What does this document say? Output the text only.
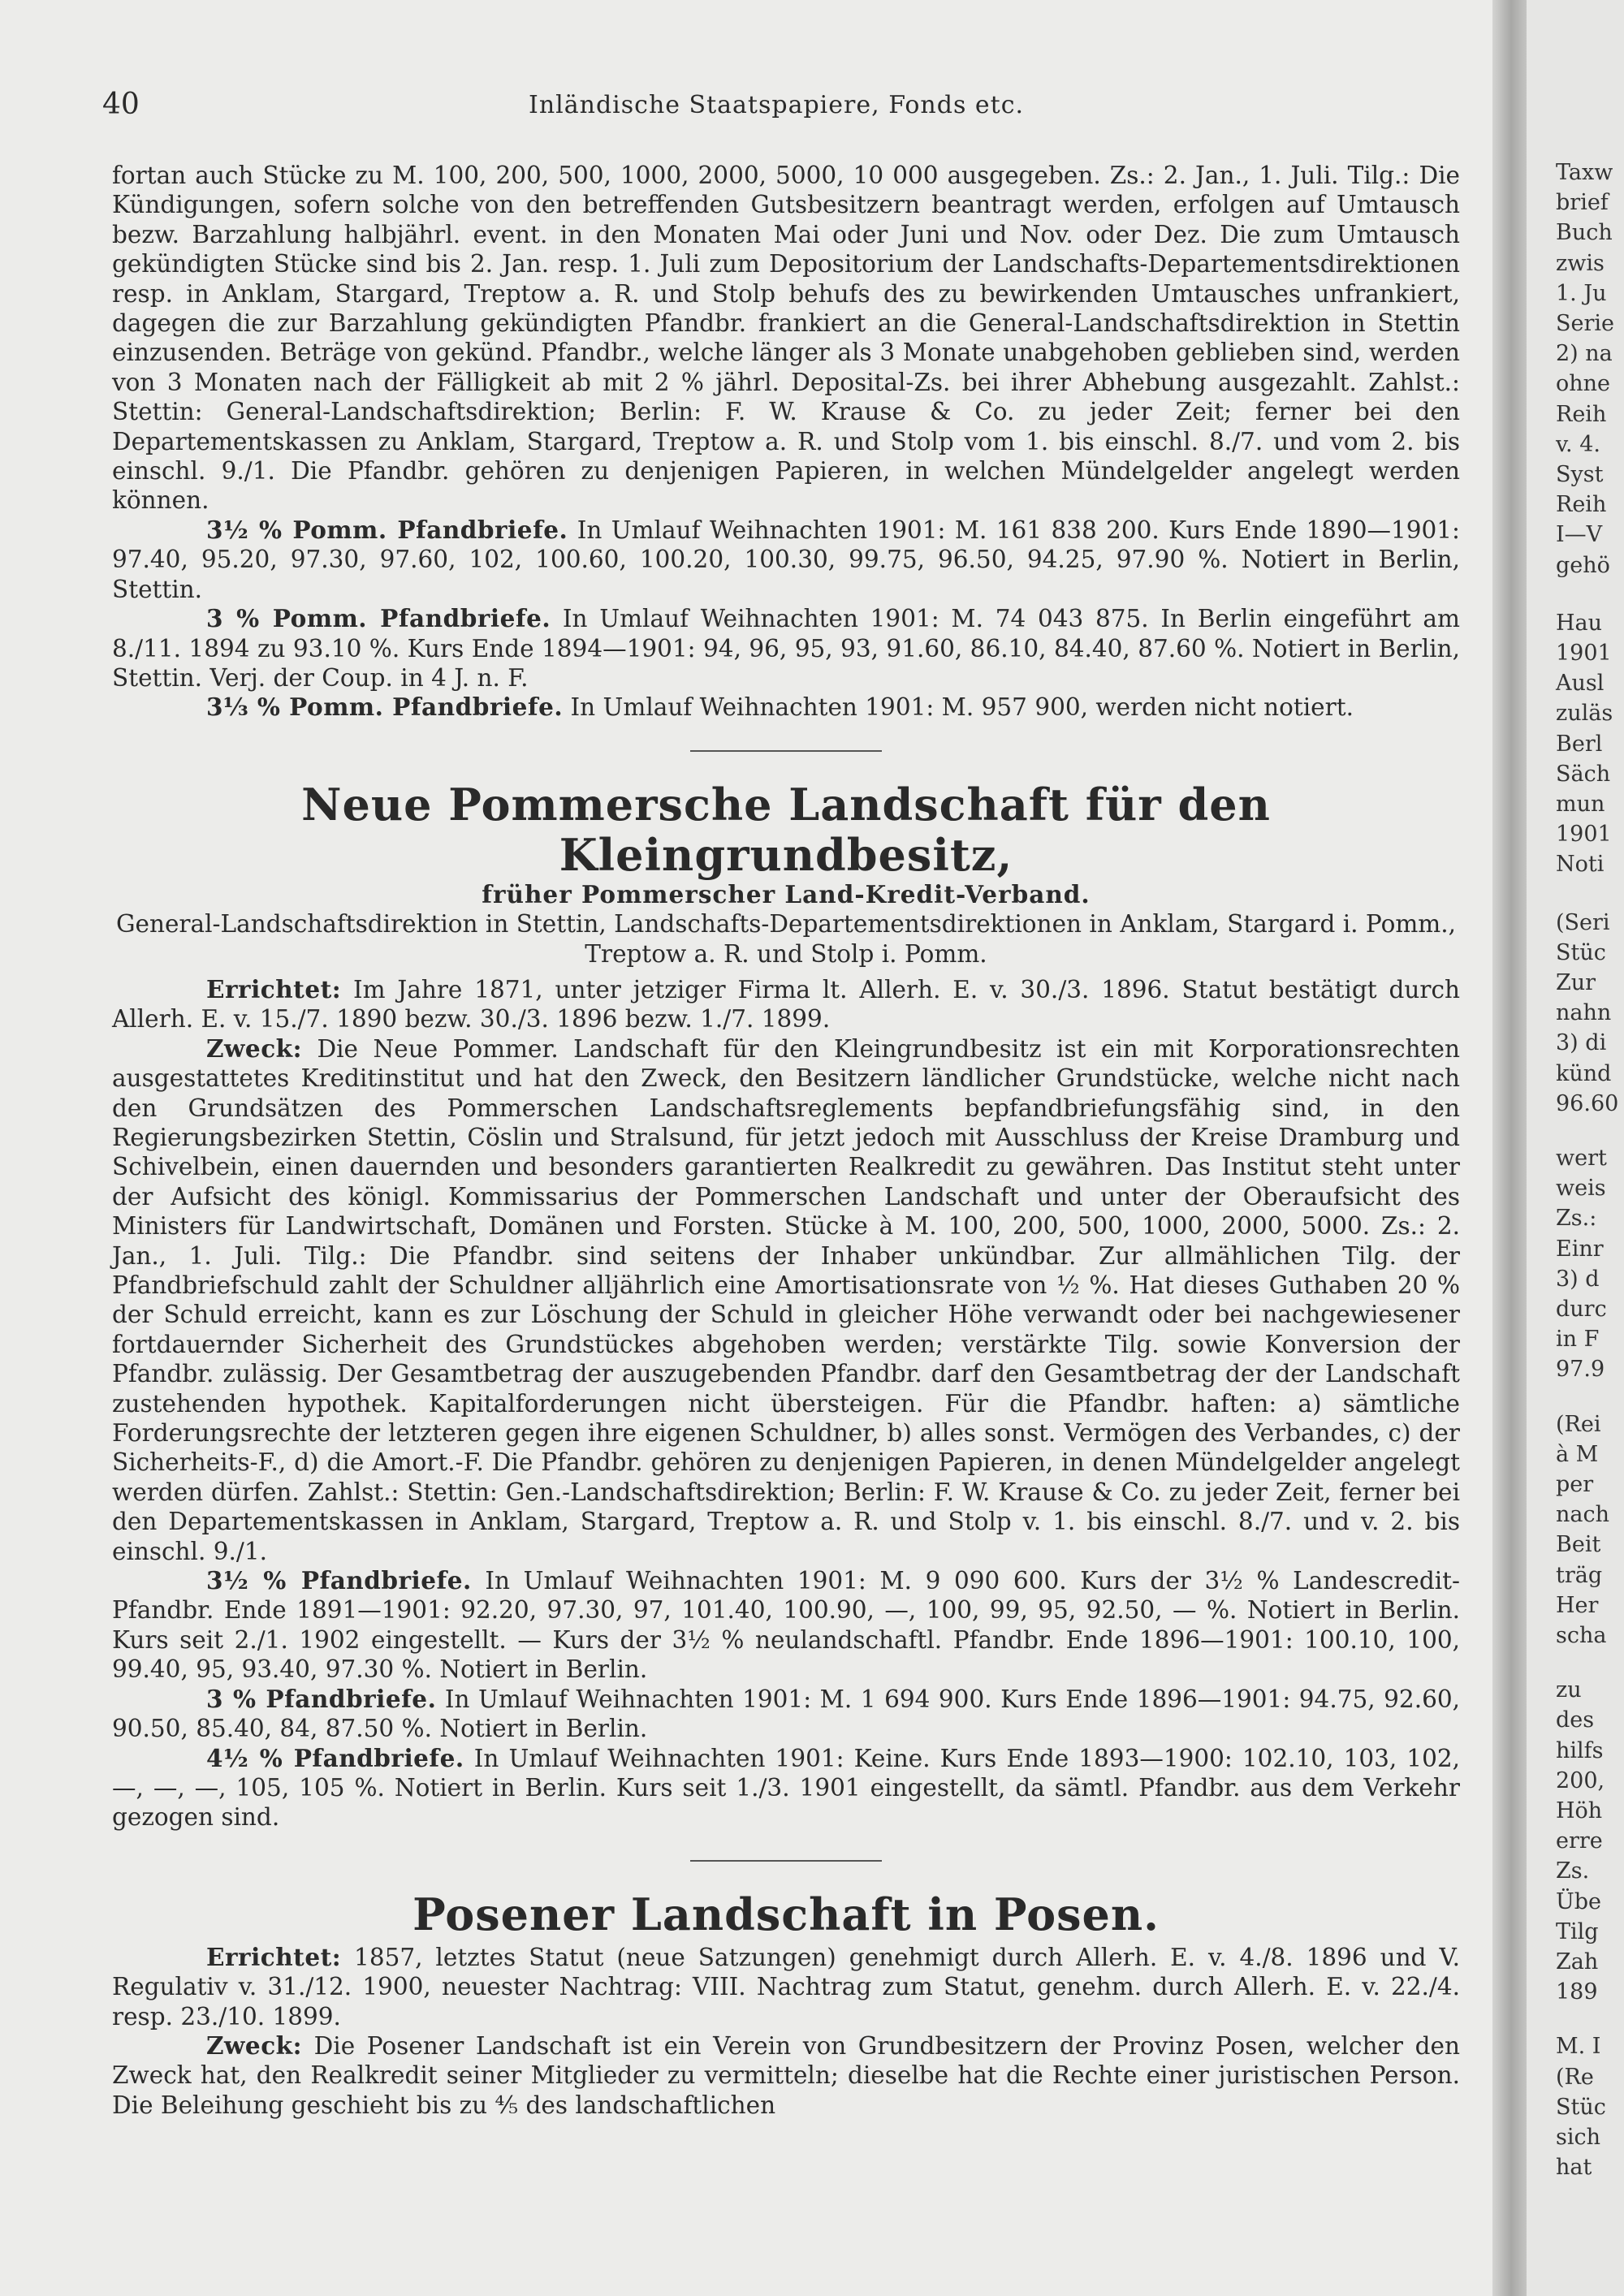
40	Inländische Staatspapiere, Fonds etc.

fortan auch Stücke zu M. 100, 200, 500, 1000, 2000, 5000, 10 000 ausgegeben. Zs.: 2. Jan., 1. Juli. Tilg.: Die Kündigungen, sofern solche von den betreffenden Gutsbesitzern beantragt werden, erfolgen auf Umtausch bezw. Barzahlung halbjährl. event. in den Monaten Mai oder Juni und Nov. oder Dez. Die zum Umtausch gekündigten Stücke sind bis 2. Jan. resp. 1. Juli zum Depositorium der Landschafts-Departementsdirektionen resp. in Anklam, Stargard, Treptow a. R. und Stolp behufs des zu bewirkenden Umtausches unfrankiert, dagegen die zur Barzahlung gekündigten Pfandbr. frankiert an die General-Landschaftsdirektion in Stettin einzusenden. Beträge von gekünd. Pfandbr., welche länger als 3 Monate unabgehoben geblieben sind, werden von 3 Monaten nach der Fälligkeit ab mit 2 % jährl. Deposital-Zs. bei ihrer Abhebung ausgezahlt. Zahlst.: Stettin: General-Landschaftsdirektion; Berlin: F. W. Krause & Co. zu jeder Zeit; ferner bei den Departementskassen zu Anklam, Stargard, Treptow a. R. und Stolp vom 1. bis einschl. 8./7. und vom 2. bis einschl. 9./1. Die Pfandbr. gehören zu denjenigen Papieren, in welchen Mündelgelder angelegt werden können.

3½ % Pomm. Pfandbriefe. In Umlauf Weihnachten 1901: M. 161 838 200. Kurs Ende 1890—1901: 97.40, 95.20, 97.30, 97.60, 102, 100.60, 100.20, 100.30, 99.75, 96.50, 94.25, 97.90 %. Notiert in Berlin, Stettin.

3 % Pomm. Pfandbriefe. In Umlauf Weihnachten 1901: M. 74 043 875. In Berlin eingeführt am 8./11. 1894 zu 93.10 %. Kurs Ende 1894—1901: 94, 96, 95, 93, 91.60, 86.10, 84.40, 87.60 %. Notiert in Berlin, Stettin. Verj. der Coup. in 4 J. n. F.

3⅓ % Pomm. Pfandbriefe. In Umlauf Weihnachten 1901: M. 957 900, werden nicht notiert.

Neue Pommersche Landschaft für den Kleingrundbesitz,

früher Pommerscher Land-Kredit-Verband.

General-Landschaftsdirektion in Stettin, Landschafts-Departementsdirektionen in Anklam, Stargard i. Pomm., Treptow a. R. und Stolp i. Pomm.

Errichtet: Im Jahre 1871, unter jetziger Firma lt. Allerh. E. v. 30./3. 1896. Statut bestätigt durch Allerh. E. v. 15./7. 1890 bezw. 30./3. 1896 bezw. 1./7. 1899.

Zweck: Die Neue Pommer. Landschaft für den Kleingrundbesitz ist ein mit Korporationsrechten ausgestattetes Kreditinstitut und hat den Zweck, den Besitzern ländlicher Grundstücke, welche nicht nach den Grundsätzen des Pommerschen Landschaftsreglements bepfandbriefungsfähig sind, in den Regierungsbezirken Stettin, Cöslin und Stralsund, für jetzt jedoch mit Ausschluss der Kreise Dramburg und Schivelbein, einen dauernden und besonders garantierten Realkredit zu gewähren. Das Institut steht unter der Aufsicht des königl. Kommissarius der Pommerschen Landschaft und unter der Oberaufsicht des Ministers für Landwirtschaft, Domänen und Forsten. Stücke à M. 100, 200, 500, 1000, 2000, 5000. Zs.: 2. Jan., 1. Juli. Tilg.: Die Pfandbr. sind seitens der Inhaber unkündbar. Zur allmählichen Tilg. der Pfandbriefschuld zahlt der Schuldner alljährlich eine Amortisationsrate von ½ %. Hat dieses Guthaben 20 % der Schuld erreicht, kann es zur Löschung der Schuld in gleicher Höhe verwandt oder bei nachgewiesener fortdauernder Sicherheit des Grundstückes abgehoben werden; verstärkte Tilg. sowie Konversion der Pfandbr. zulässig. Der Gesamtbetrag der auszugebenden Pfandbr. darf den Gesamtbetrag der der Landschaft zustehenden hypothek. Kapitalforderungen nicht übersteigen. Für die Pfandbr. haften: a) sämtliche Forderungsrechte der letzteren gegen ihre eigenen Schuldner, b) alles sonst. Vermögen des Verbandes, c) der Sicherheits-F., d) die Amort.-F. Die Pfandbr. gehören zu denjenigen Papieren, in denen Mündelgelder angelegt werden dürfen. Zahlst.: Stettin: Gen.-Landschaftsdirektion; Berlin: F. W. Krause & Co. zu jeder Zeit, ferner bei den Departementskassen in Anklam, Stargard, Treptow a. R. und Stolp v. 1. bis einschl. 8./7. und v. 2. bis einschl. 9./1.

3½ % Pfandbriefe. In Umlauf Weihnachten 1901: M. 9 090 600. Kurs der 3½ % Landescredit-Pfandbr. Ende 1891—1901: 92.20, 97.30, 97, 101.40, 100.90, —, 100, 99, 95, 92.50, — %. Notiert in Berlin. Kurs seit 2./1. 1902 eingestellt. — Kurs der 3½ % neulandschaftl. Pfandbr. Ende 1896—1901: 100.10, 100, 99.40, 95, 93.40, 97.30 %. Notiert in Berlin.

3 % Pfandbriefe. In Umlauf Weihnachten 1901: M. 1 694 900. Kurs Ende 1896—1901: 94.75, 92.60, 90.50, 85.40, 84, 87.50 %. Notiert in Berlin.

4½ % Pfandbriefe. In Umlauf Weihnachten 1901: Keine. Kurs Ende 1893—1900: 102.10, 103, 102, —, —, —, 105, 105 %. Notiert in Berlin. Kurs seit 1./3. 1901 eingestellt, da sämtl. Pfandbr. aus dem Verkehr gezogen sind.

Posener Landschaft in Posen.

Errichtet: 1857, letztes Statut (neue Satzungen) genehmigt durch Allerh. E. v. 4./8. 1896 und V. Regulativ v. 31./12. 1900, neuester Nachtrag: VIII. Nachtrag zum Statut, genehm. durch Allerh. E. v. 22./4. resp. 23./10. 1899.

Zweck: Die Posener Landschaft ist ein Verein von Grundbesitzern der Provinz Posen, welcher den Zweck hat, den Realkredit seiner Mitglieder zu vermitteln; dieselbe hat die Rechte einer juristischen Person. Die Beleihung geschieht bis zu ⅘ des landschaftlichen

Taxw
brief
Buch
zwis
1. Ju
Serie
2) na
ohne
Reih
v. 4.
Syst
Reih
I—V
gehö
Hau
1901
Ausl
zuläs
Berl
Säch
mun
1901
Noti
(Seri
Stüc
Zur
nahn
3) di
künd
96.60
wert
weis
Zs.:
Einr
3) d
durc
in F
97.9
(Rei
à M
per
nach
Beit
träg
Her
scha
zu
des
hilfs
200,
Höh
erre
Zs.
Übe
Tilg
Zah
189
M. I
(Re
Stüc
sich
hat
